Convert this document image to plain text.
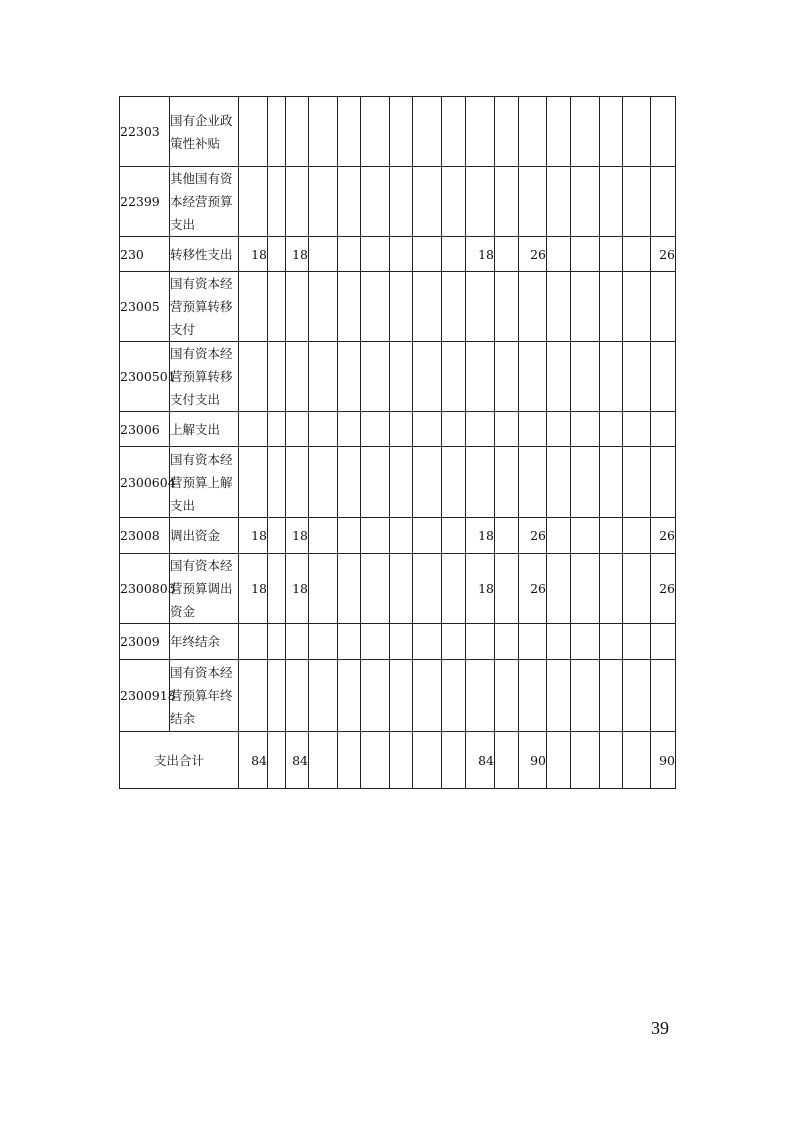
22303	国有企业政策性补贴																	
22399	其他国有资本经营预算支出																	
230	转移性支出	18		18							18		26					26
23005	国有资本经营预算转移支付																	
2300501	国有资本经营预算转移支付支出																	
23006	上解支出																	
2300604	国有资本经营预算上解支出																	
23008	调出资金	18		18							18		26					26
2300803	国有资本经营预算调出资金	18		18							18		26					26
23009	年终结余																	
2300918	国有资本经营预算年终结余																	
支出合计		84		84							84		90					90
39
